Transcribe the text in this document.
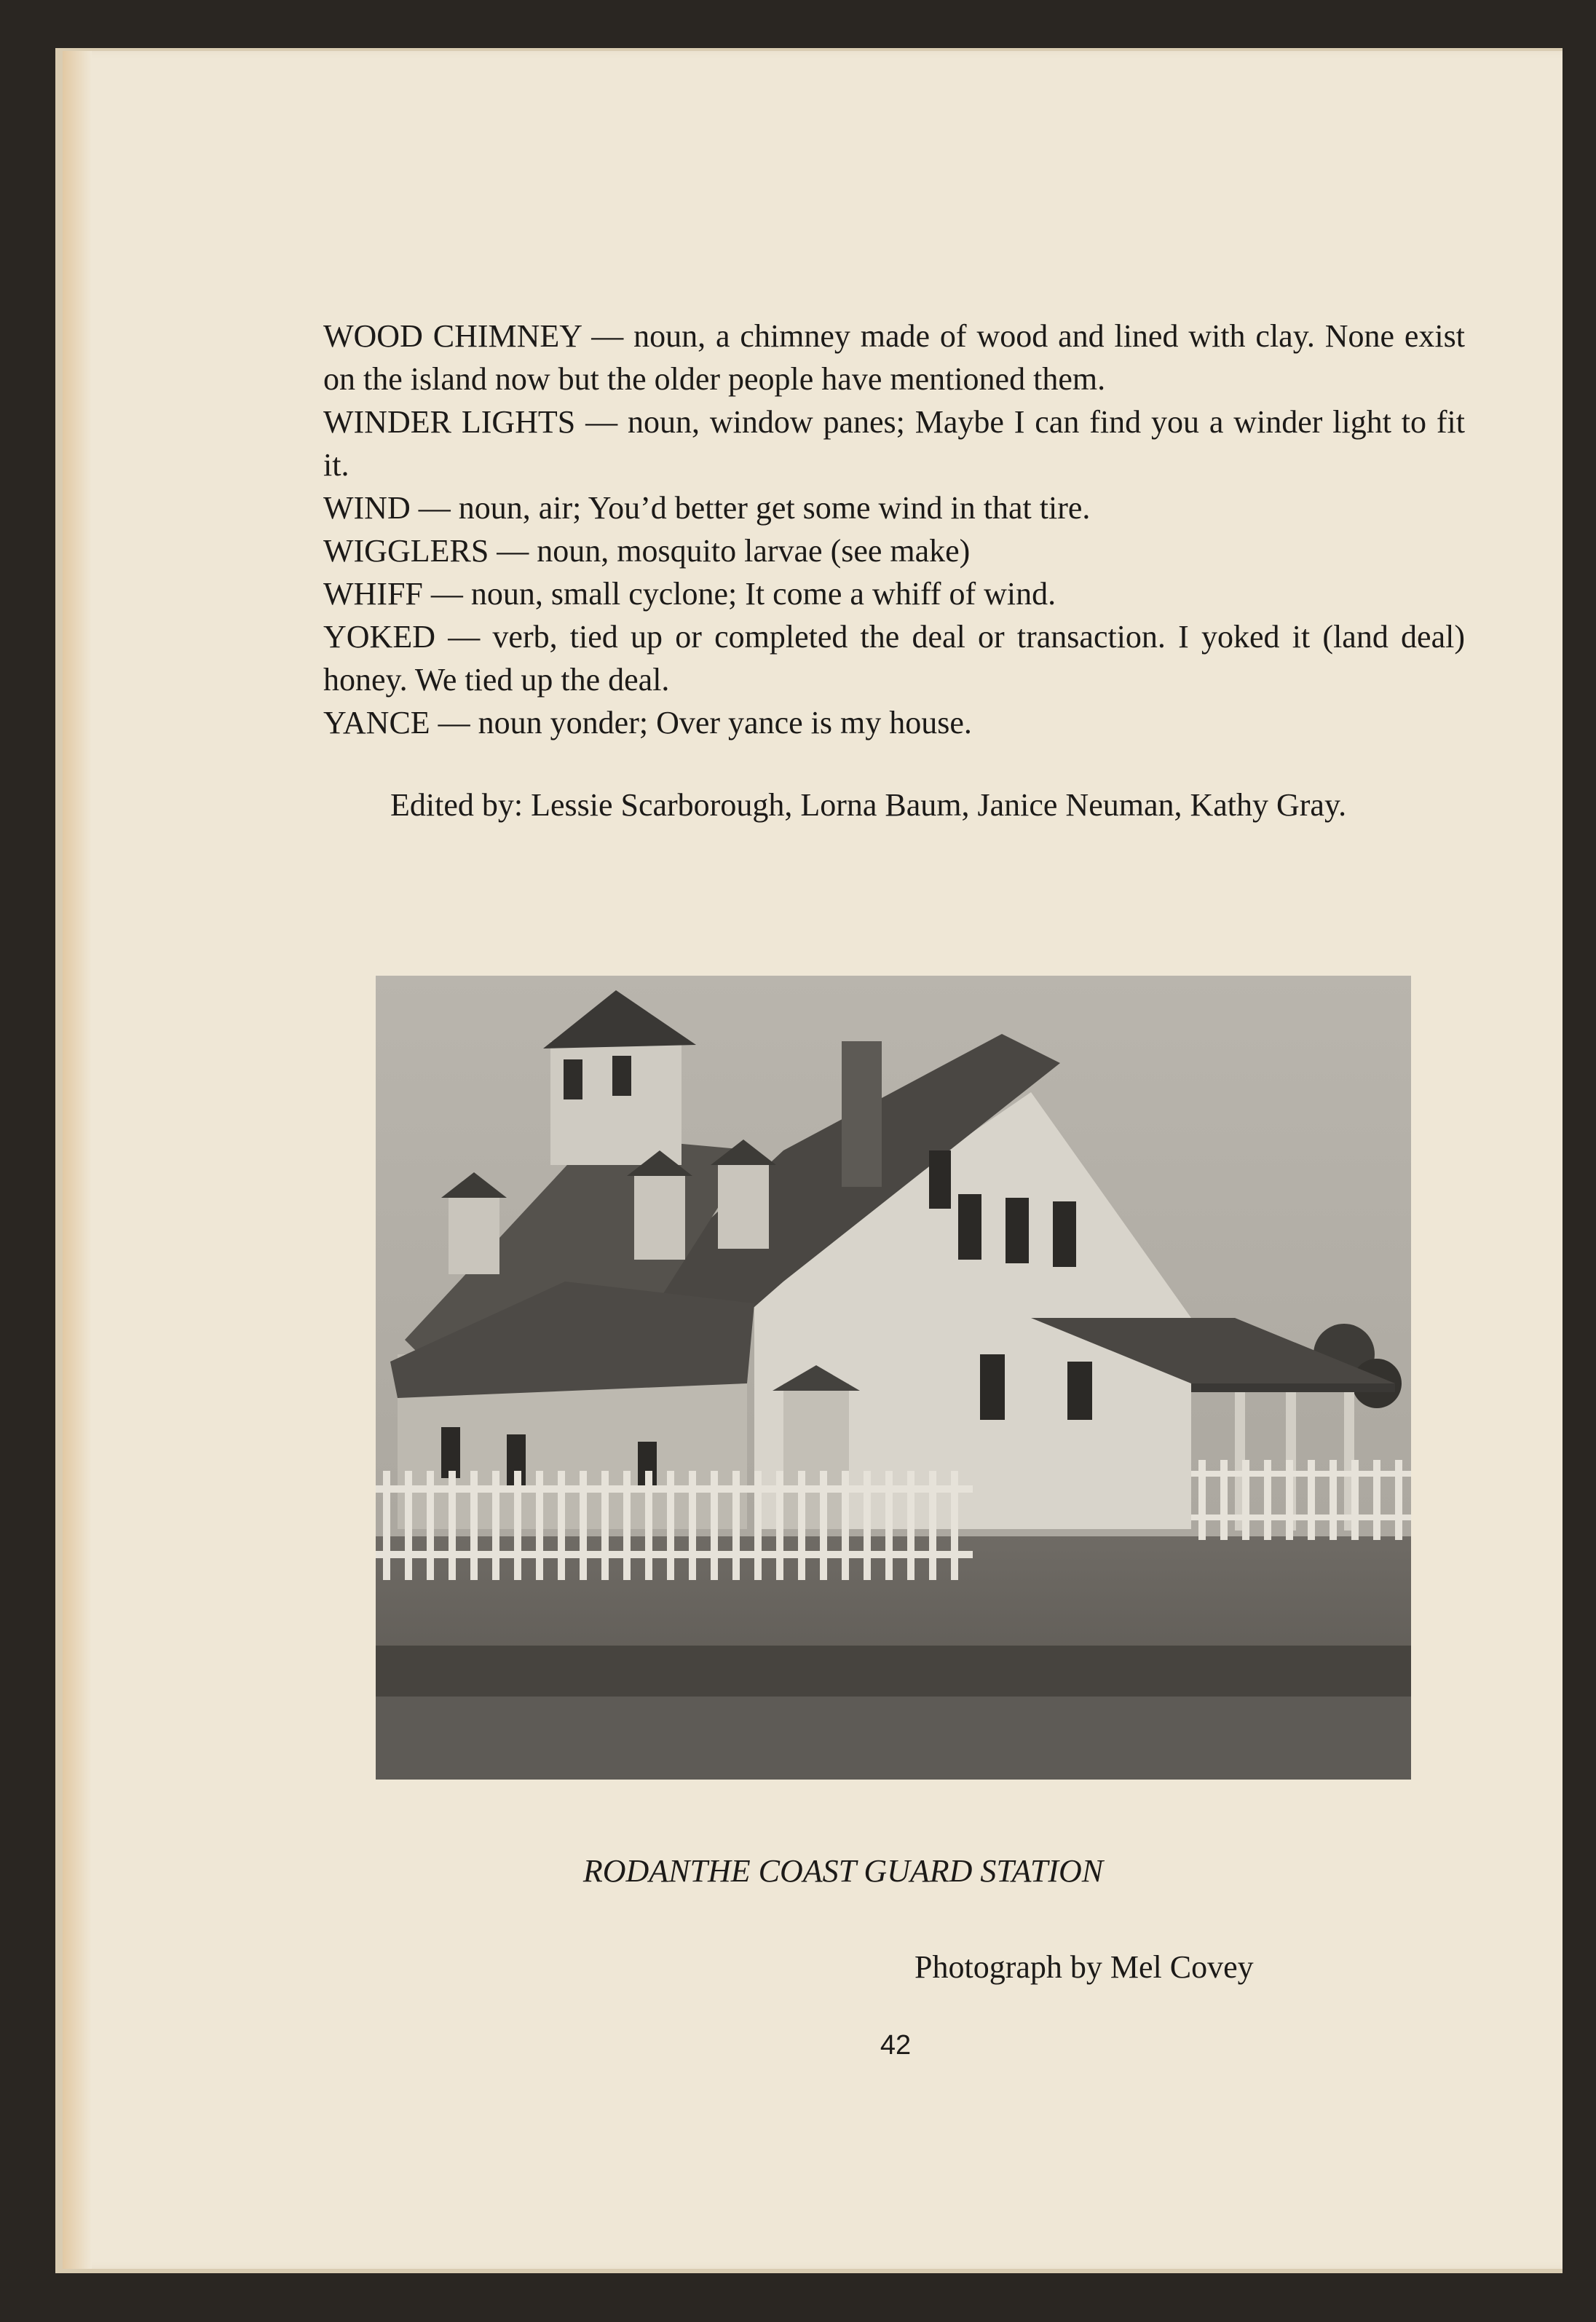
WOOD CHIMNEY — noun, a chimney made of wood and lined with clay. None exist on the island now but the older people have mentioned them.

WINDER LIGHTS — noun, window panes; Maybe I can find you a winder light to fit it.

WIND — noun, air; You’d better get some wind in that tire.

WIGGLERS — noun, mosquito larvae (see make)

WHIFF — noun, small cyclone; It come a whiff of wind.

YOKED — verb, tied up or completed the deal or transaction. I yoked it (land deal) honey. We tied up the deal.

YANCE — noun yonder; Over yance is my house.

Edited by: Lessie Scarborough, Lorna Baum, Janice Neuman, Kathy Gray.
RODANTHE COAST GUARD STATION
Photograph by Mel Covey
42
